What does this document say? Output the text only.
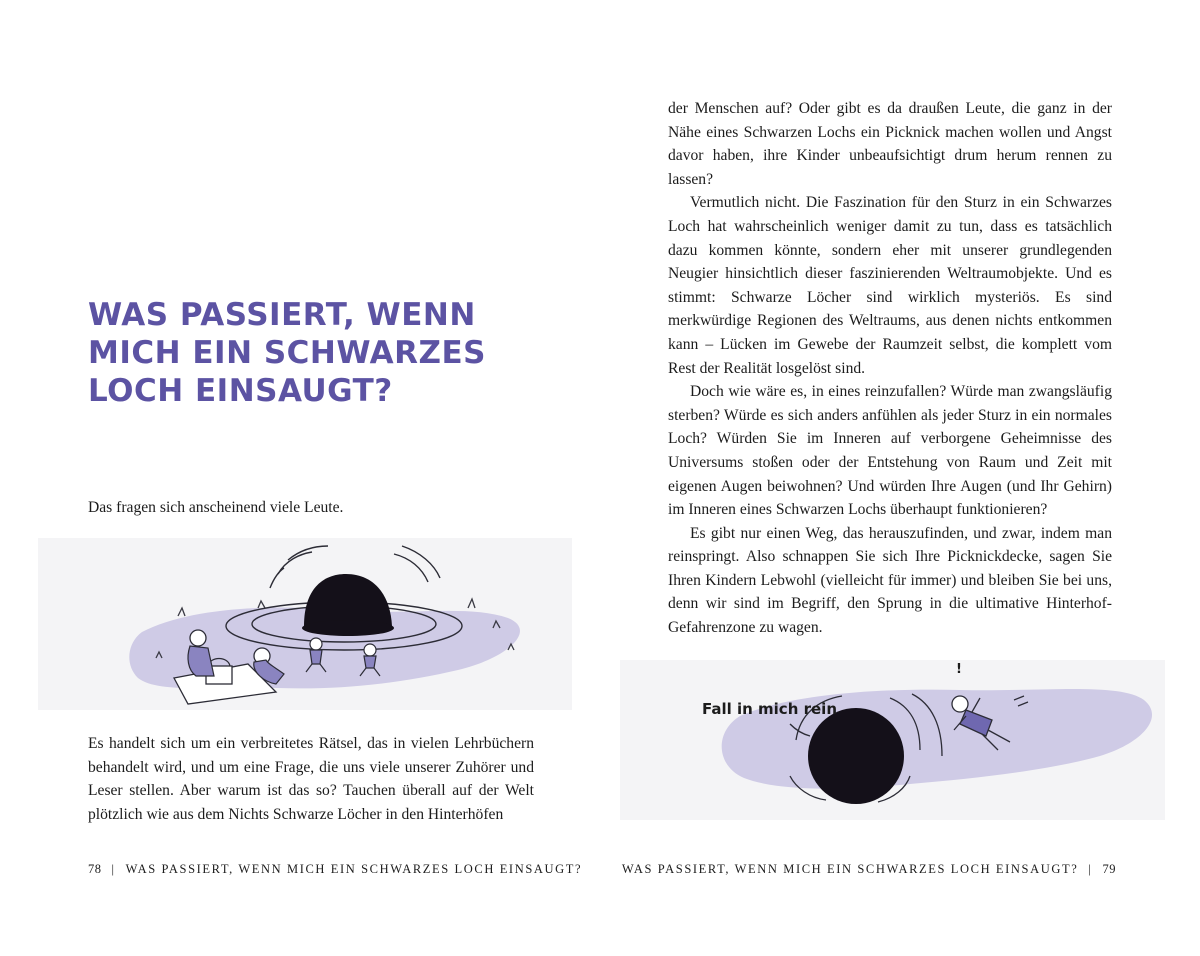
WAS PASSIERT, WENN MICH EIN SCHWARZES LOCH EINSAUGT?

Das fragen sich anscheinend viele Leute.

Es handelt sich um ein verbreitetes Rätsel, das in vielen Lehrbüchern behandelt wird, und um eine Frage, die uns viele unserer Zuhörer und Leser stellen. Aber warum ist das so? Tauchen überall auf der Welt plötzlich wie aus dem Nichts Schwarze Löcher in den Hinterhöfen

78 | WAS PASSIERT, WENN MICH EIN SCHWARZES LOCH EINSAUGT?

der Menschen auf? Oder gibt es da draußen Leute, die ganz in der Nähe eines Schwarzen Lochs ein Picknick machen wollen und Angst davor haben, ihre Kinder unbeaufsichtigt drum herum rennen zu lassen?

Vermutlich nicht. Die Faszination für den Sturz in ein Schwarzes Loch hat wahrscheinlich weniger damit zu tun, dass es tatsächlich dazu kommen könnte, sondern eher mit unserer grundlegenden Neugier hinsichtlich dieser faszinierenden Weltraumobjekte. Und es stimmt: Schwarze Löcher sind wirklich mysteriös. Es sind merkwürdige Regionen des Weltraums, aus denen nichts entkommen kann – Lücken im Gewebe der Raumzeit selbst, die komplett vom Rest der Realität losgelöst sind.

Doch wie wäre es, in eines reinzufallen? Würde man zwangsläufig sterben? Würde es sich anders anfühlen als jeder Sturz in ein normales Loch? Würden Sie im Inneren auf verborgene Geheimnisse des Universums stoßen oder der Entstehung von Raum und Zeit mit eigenen Augen beiwohnen? Und würden Ihre Augen (und Ihr Gehirn) im Inneren eines Schwarzen Lochs überhaupt funktionieren?

Es gibt nur einen Weg, das herauszufinden, und zwar, indem man reinspringt. Also schnappen Sie sich Ihre Picknickdecke, sagen Sie Ihren Kindern Lebwohl (vielleicht für immer) und bleiben Sie bei uns, denn wir sind im Begriff, den Sprung in die ultimative Hinterhof-Gefahrenzone zu wagen.

WAS PASSIERT, WENN MICH EIN SCHWARZES LOCH EINSAUGT? | 79
Fall in mich rein
!
